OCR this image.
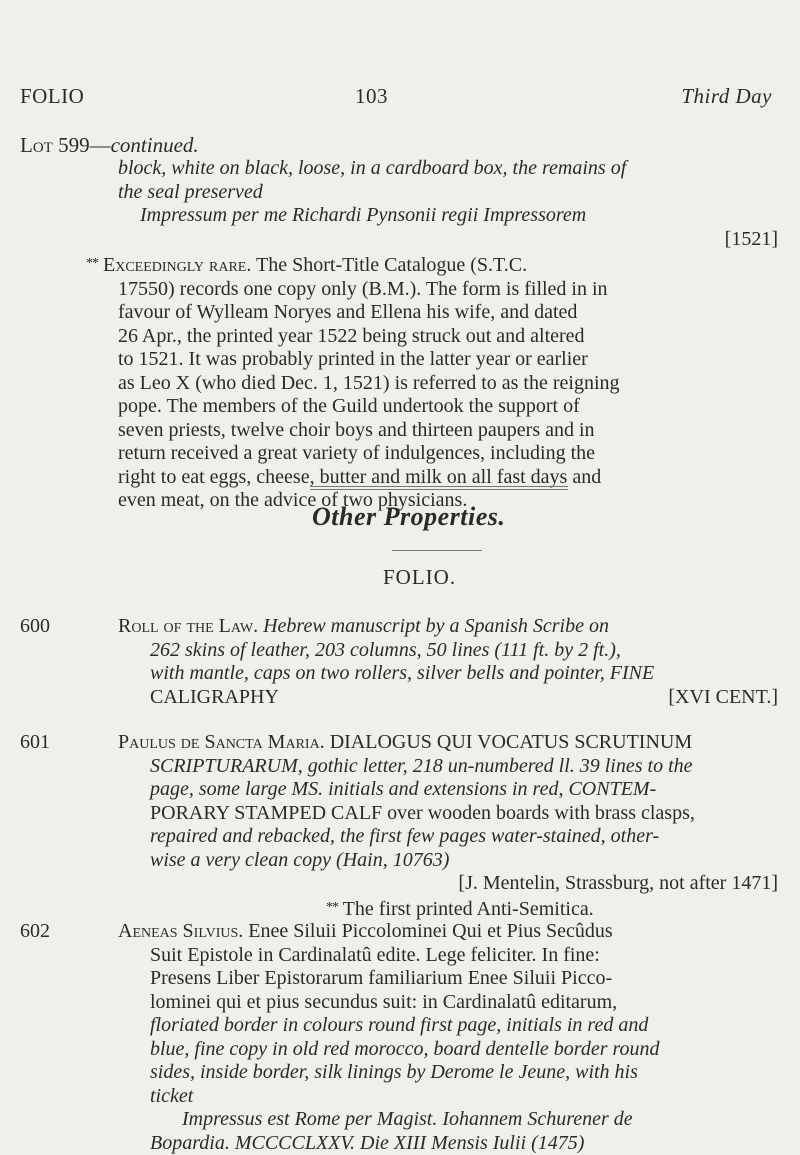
FOLIO	103	Third Day
Lot 599—continued.
block, white on black, loose, in a cardboard box, the remains of
the seal preserved
Impressum per me Richardi Pynsonii regii Impressorem
[1521]
** Exceedingly rare. The Short-Title Catalogue (S.T.C.
17550) records one copy only (B.M.). The form is filled in in
favour of Wylleam Noryes and Ellena his wife, and dated
26 Apr., the printed year 1522 being struck out and altered
to 1521. It was probably printed in the latter year or earlier
as Leo X (who died Dec. 1, 1521) is referred to as the reigning
pope. The members of the Guild undertook the support of
seven priests, twelve choir boys and thirteen paupers and in
return received a great variety of indulgences, including the
right to eat eggs, cheese, butter and milk on all fast days and
even meat, on the advice of two physicians.
Other Properties.
FOLIO.
600	Roll of the Law. Hebrew manuscript by a Spanish Scribe on
262 skins of leather, 203 columns, 50 lines (111 ft. by 2 ft.),
with mantle, caps on two rollers, silver bells and pointer, FINE
CALIGRAPHY	[XVI CENT.]
601	Paulus de Sancta Maria. DIALOGUS QUI VOCATUS SCRUTINUM
SCRIPTURARUM, gothic letter, 218 un-numbered ll. 39 lines to the
page, some large MS. initials and extensions in red, CONTEM-
PORARY STAMPED CALF over wooden boards with brass clasps,
repaired and rebacked, the first few pages water-stained, other-
wise a very clean copy (Hain, 10763)
[J. Mentelin, Strassburg, not after 1471]
** The first printed Anti-Semitica.
602	Aeneas Silvius. Enee Siluii Piccolominei Qui et Pius Secûdus
Suit Epistole in Cardinalatû edite. Lege feliciter. In fine:
Presens Liber Epistorarum familiarium Enee Siluii Picco-
lominei qui et pius secundus suit: in Cardinalatû editarum,
floriated border in colours round first page, initials in red and
blue, fine copy in old red morocco, board dentelle border round
sides, inside border, silk linings by Derome le Jeune, with his
ticket
Impressus est Rome per Magist. Iohannem Schurener de
Bopardia. MCCCCLXXV. Die XIII Mensis Iulii (1475)
